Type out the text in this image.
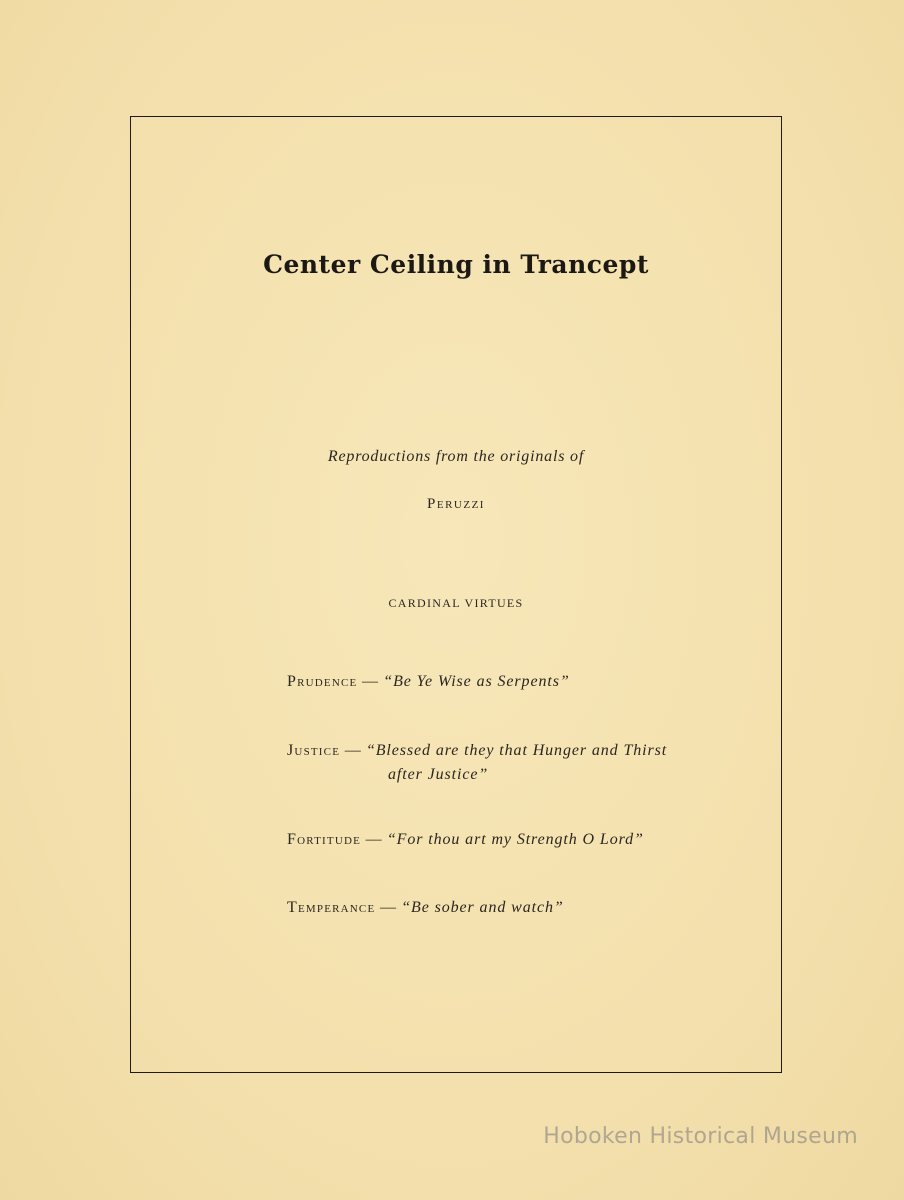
Center Ceiling in Trancept
Reproductions from the originals of
Peruzzi
CARDINAL VIRTUES
Prudence — “Be Ye Wise as Serpents”
Justice — “Blessed are they that Hunger and Thirst
after Justice”
Fortitude — “For thou art my Strength O Lord”
Temperance — “Be sober and watch”
Hoboken Historical Museum
